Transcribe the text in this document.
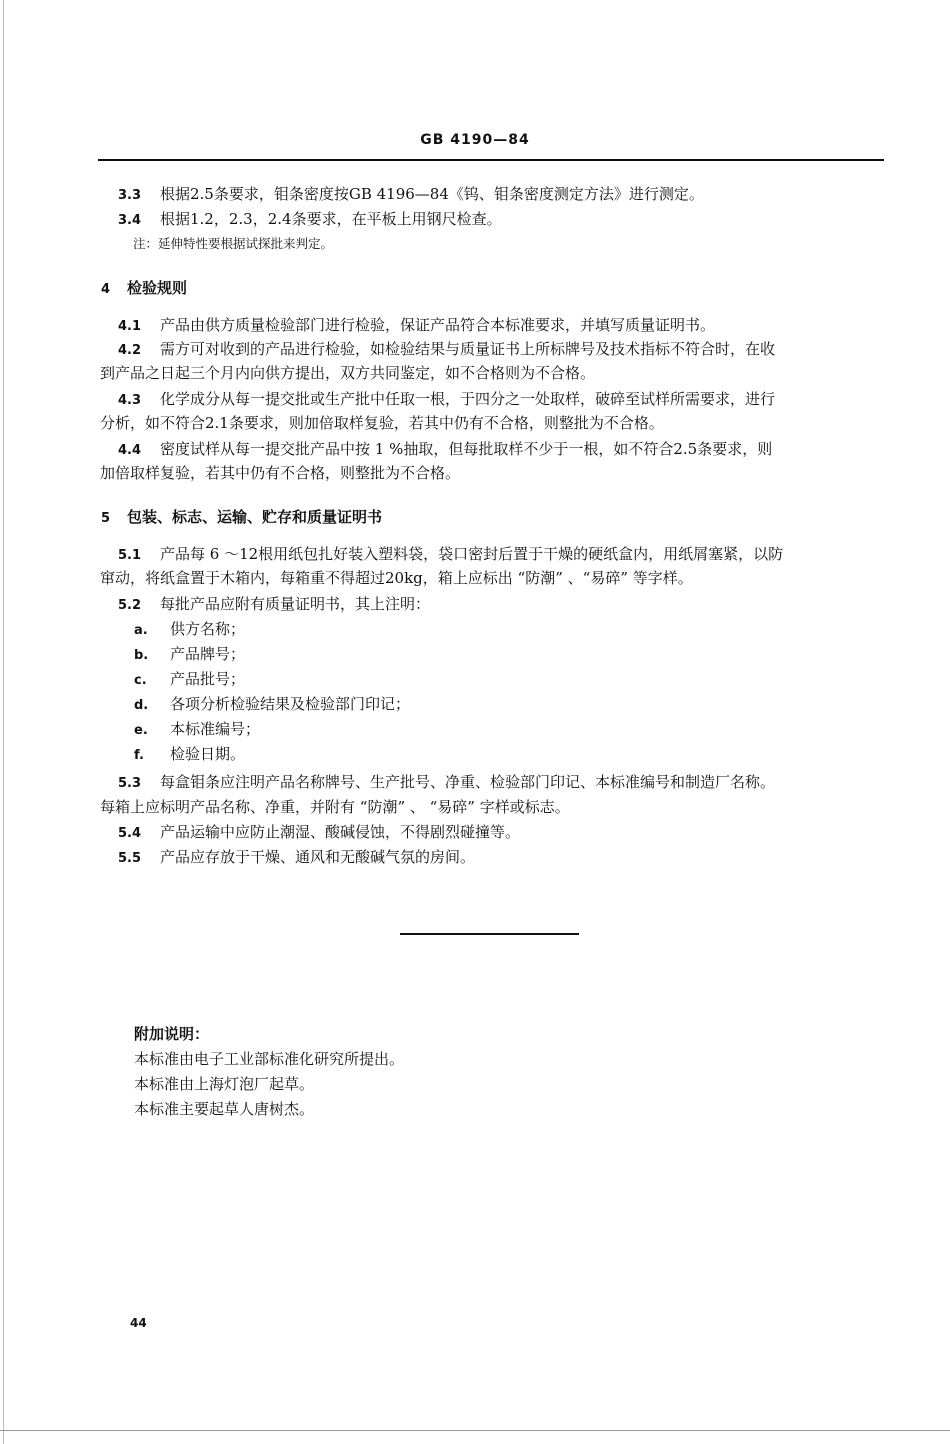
GB 4190—84
3.3 根据2.5条要求，钼条密度按GB 4196—84《钨、钼条密度测定方法》进行测定。
3.4 根据1.2，2.3，2.4条要求，在平板上用钢尺检查。
注：延伸特性要根据试探批来判定。
4 检验规则
4.1 产品由供方质量检验部门进行检验，保证产品符合本标准要求，并填写质量证明书。
4.2 需方可对收到的产品进行检验，如检验结果与质量证书上所标牌号及技术指标不符合时，在收
到产品之日起三个月内向供方提出，双方共同鉴定，如不合格则为不合格。
4.3 化学成分从每一提交批或生产批中任取一根，于四分之一处取样，破碎至试样所需要求，进行
分析，如不符合2.1条要求，则加倍取样复验，若其中仍有不合格，则整批为不合格。
4.4 密度试样从每一提交批产品中按 1 %抽取，但每批取样不少于一根，如不符合2.5条要求，则
加倍取样复验，若其中仍有不合格，则整批为不合格。
5 包装、标志、运输、贮存和质量证明书
5.1 产品每 6 ～12根用纸包扎好装入塑料袋，袋口密封后置于干燥的硬纸盒内，用纸屑塞紧，以防
窜动，将纸盒置于木箱内，每箱重不得超过20kg，箱上应标出 “防潮” 、“易碎” 等字样。
5.2 每批产品应附有质量证明书，其上注明：
a. 供方名称；
b. 产品牌号；
c. 产品批号；
d. 各项分析检验结果及检验部门印记；
e. 本标准编号；
f. 检验日期。
5.3 每盒钼条应注明产品名称牌号、生产批号、净重、检验部门印记、本标准编号和制造厂名称。
每箱上应标明产品名称、净重，并附有 “防潮” 、 “易碎” 字样或标志。
5.4 产品运输中应防止潮湿、酸碱侵蚀，不得剧烈碰撞等。
5.5 产品应存放于干燥、通风和无酸碱气氛的房间。
附加说明：
本标准由电子工业部标准化研究所提出。
本标准由上海灯泡厂起草。
本标准主要起草人唐树杰。
44
